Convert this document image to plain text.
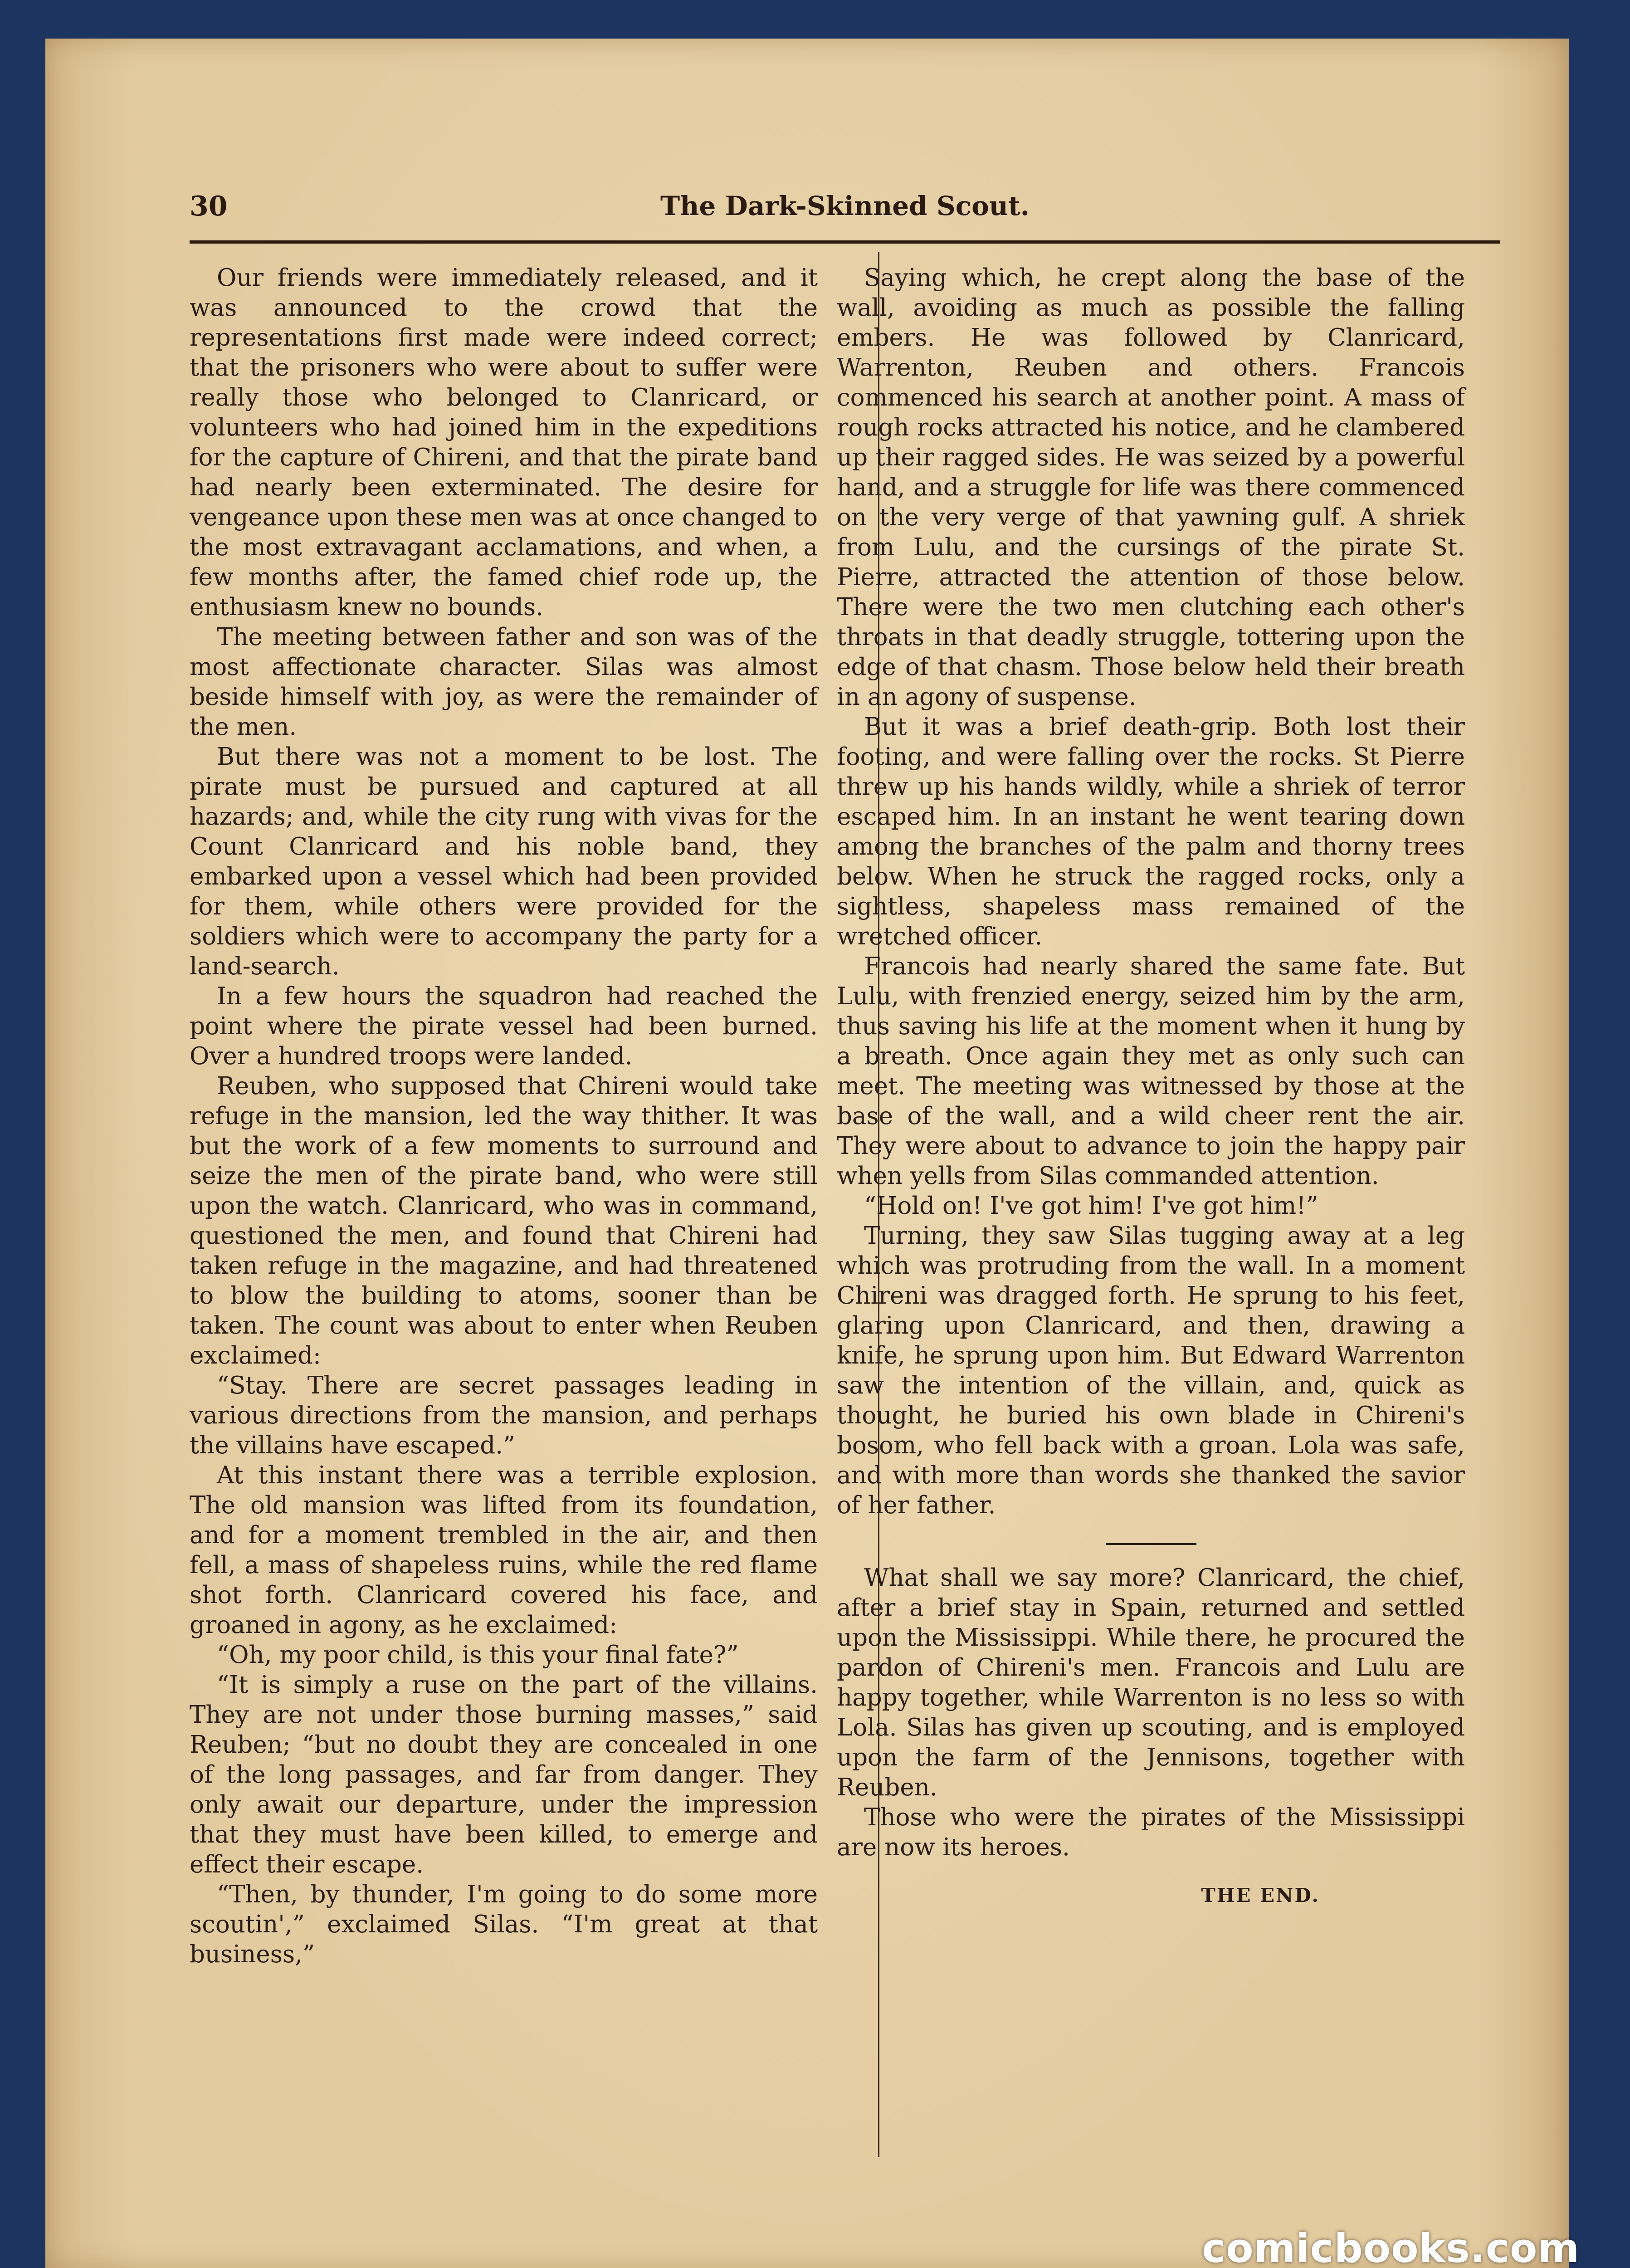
30	The Dark-Skinned Scout.

Our friends were immediately released, and it was announced to the crowd that the representations first made were indeed correct; that the prisoners who were about to suffer were really those who belonged to Clanricard, or volunteers who had joined him in the expeditions for the capture of Chireni, and that the pirate band had nearly been exterminated. The desire for vengeance upon these men was at once changed to the most extravagant acclamations, and when, a few months after, the famed chief rode up, the enthusiasm knew no bounds.

The meeting between father and son was of the most affectionate character. Silas was almost beside himself with joy, as were the remainder of the men.

But there was not a moment to be lost. The pirate must be pursued and captured at all hazards; and, while the city rung with vivas for the Count Clanricard and his noble band, they embarked upon a vessel which had been provided for them, while others were provided for the soldiers which were to accompany the party for a land-search.

In a few hours the squadron had reached the point where the pirate vessel had been burned. Over a hundred troops were landed.

Reuben, who supposed that Chireni would take refuge in the mansion, led the way thither. It was but the work of a few moments to surround and seize the men of the pirate band, who were still upon the watch. Clanricard, who was in command, questioned the men, and found that Chireni had taken refuge in the magazine, and had threatened to blow the building to atoms, sooner than be taken. The count was about to enter when Reuben exclaimed:

“Stay. There are secret passages leading in various directions from the mansion, and perhaps the villains have escaped.”

At this instant there was a terrible explosion. The old mansion was lifted from its foundation, and for a moment trembled in the air, and then fell, a mass of shapeless ruins, while the red flame shot forth. Clanricard covered his face, and groaned in agony, as he exclaimed:

“Oh, my poor child, is this your final fate?”

“It is simply a ruse on the part of the villains. They are not under those burning masses,” said Reuben; “but no doubt they are concealed in one of the long passages, and far from danger. They only await our departure, under the impression that they must have been killed, to emerge and effect their escape.

“Then, by thunder, I'm going to do some more scoutin',” exclaimed Silas. “I'm great at that business,”

Saying which, he crept along the base of the wall, avoiding as much as possible the falling embers. He was followed by Clanricard, Warrenton, Reuben and others. Francois commenced his search at another point. A mass of rough rocks attracted his notice, and he clambered up their ragged sides. He was seized by a powerful hand, and a struggle for life was there commenced on the very verge of that yawning gulf. A shriek from Lulu, and the cursings of the pirate St. Pierre, attracted the attention of those below. There were the two men clutching each other's throats in that deadly struggle, tottering upon the edge of that chasm. Those below held their breath in an agony of suspense.

But it was a brief death-grip. Both lost their footing, and were falling over the rocks. St Pierre threw up his hands wildly, while a shriek of terror escaped him. In an instant he went tearing down among the branches of the palm and thorny trees below. When he struck the ragged rocks, only a sightless, shapeless mass remained of the wretched officer.

Francois had nearly shared the same fate. But Lulu, with frenzied energy, seized him by the arm, thus saving his life at the moment when it hung by a breath. Once again they met as only such can meet. The meeting was witnessed by those at the base of the wall, and a wild cheer rent the air. They were about to advance to join the happy pair when yells from Silas commanded attention.

“Hold on! I've got him! I've got him!”

Turning, they saw Silas tugging away at a leg which was protruding from the wall. In a moment Chireni was dragged forth. He sprung to his feet, glaring upon Clanricard, and then, drawing a knife, he sprung upon him. But Edward Warrenton saw the intention of the villain, and, quick as thought, he buried his own blade in Chireni's bosom, who fell back with a groan. Lola was safe, and with more than words she thanked the savior of her father.

What shall we say more? Clanricard, the chief, after a brief stay in Spain, returned and settled upon the Mississippi. While there, he procured the pardon of Chireni's men. Francois and Lulu are happy together, while Warrenton is no less so with Lola. Silas has given up scouting, and is employed upon the farm of the Jennisons, together with Reuben.

Those who were the pirates of the Mississippi are now its heroes.

THE END.
comicbooks.com
